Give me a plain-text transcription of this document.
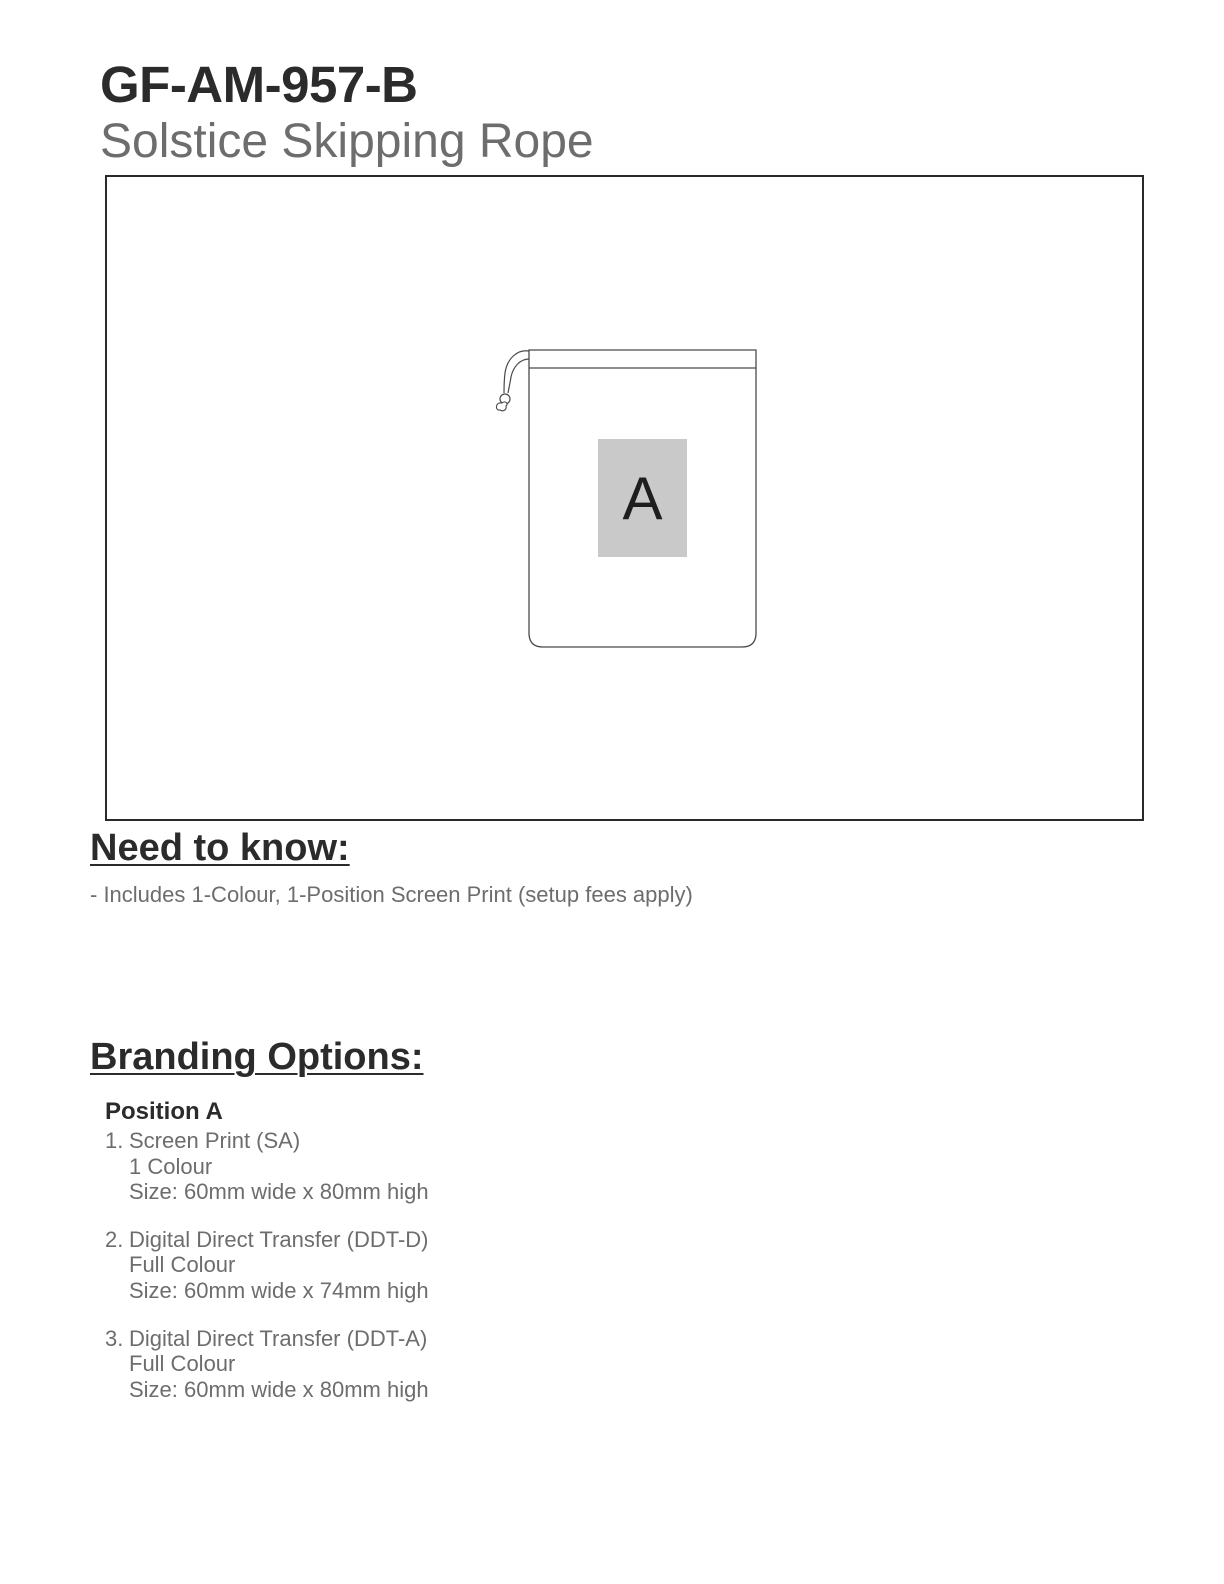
GF-AM-957-B
Solstice Skipping Rope
A
Need to know:

- Includes 1-Colour, 1-Position Screen Print (setup fees apply)

Branding Options:
Position A
1. Screen Print (SA)
1 Colour
Size: 60mm wide x 80mm high
2. Digital Direct Transfer (DDT-D)
Full Colour
Size: 60mm wide x 74mm high
3. Digital Direct Transfer (DDT-A)
Full Colour
Size: 60mm wide x 80mm high
